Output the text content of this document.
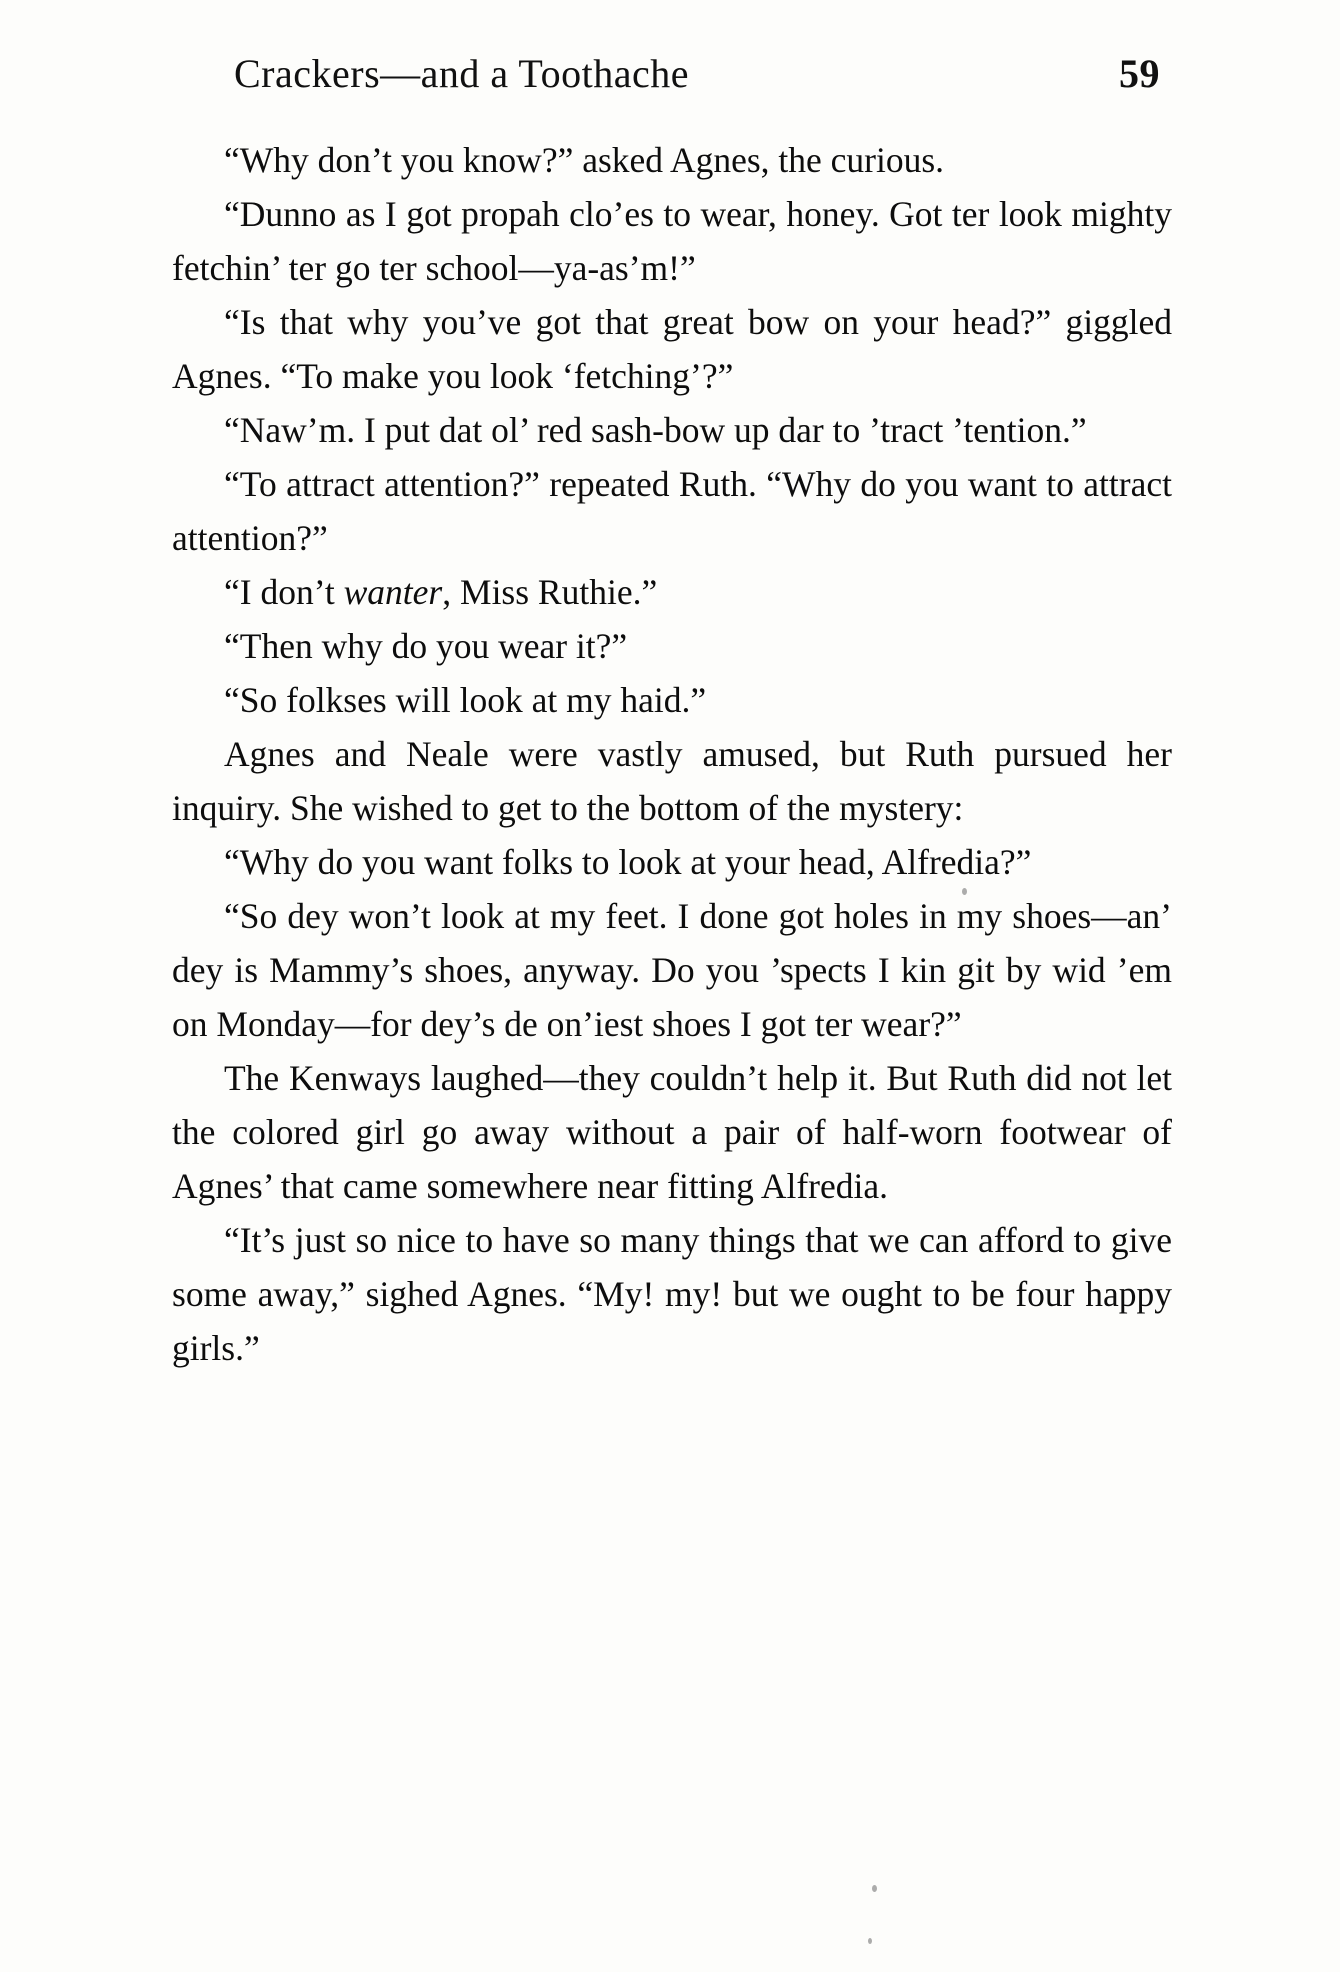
Crackers—and a Toothache	59

“Why don’t you know?” asked Agnes, the curious.

“Dunno as I got propah clo’es to wear, honey. Got ter look mighty fetchin’ ter go ter school—ya-as’m!”

“Is that why you’ve got that great bow on your head?” giggled Agnes. “To make you look ‘fetching’?”

“Naw’m. I put dat ol’ red sash-bow up dar to ’tract ’tention.”

“To attract attention?” repeated Ruth. “Why do you want to attract attention?”

“I don’t wanter, Miss Ruthie.”

“Then why do you wear it?”

“So folkses will look at my haid.”

Agnes and Neale were vastly amused, but Ruth pursued her inquiry. She wished to get to the bottom of the mystery:

“Why do you want folks to look at your head, Alfredia?”

“So dey won’t look at my feet. I done got holes in my shoes—an’ dey is Mammy’s shoes, anyway. Do you ’spects I kin git by wid ’em on Monday—for dey’s de on’iest shoes I got ter wear?”

The Kenways laughed—they couldn’t help it. But Ruth did not let the colored girl go away without a pair of half-worn footwear of Agnes’ that came somewhere near fitting Alfredia.

“It’s just so nice to have so many things that we can afford to give some away,” sighed Agnes. “My! my! but we ought to be four happy girls.”
